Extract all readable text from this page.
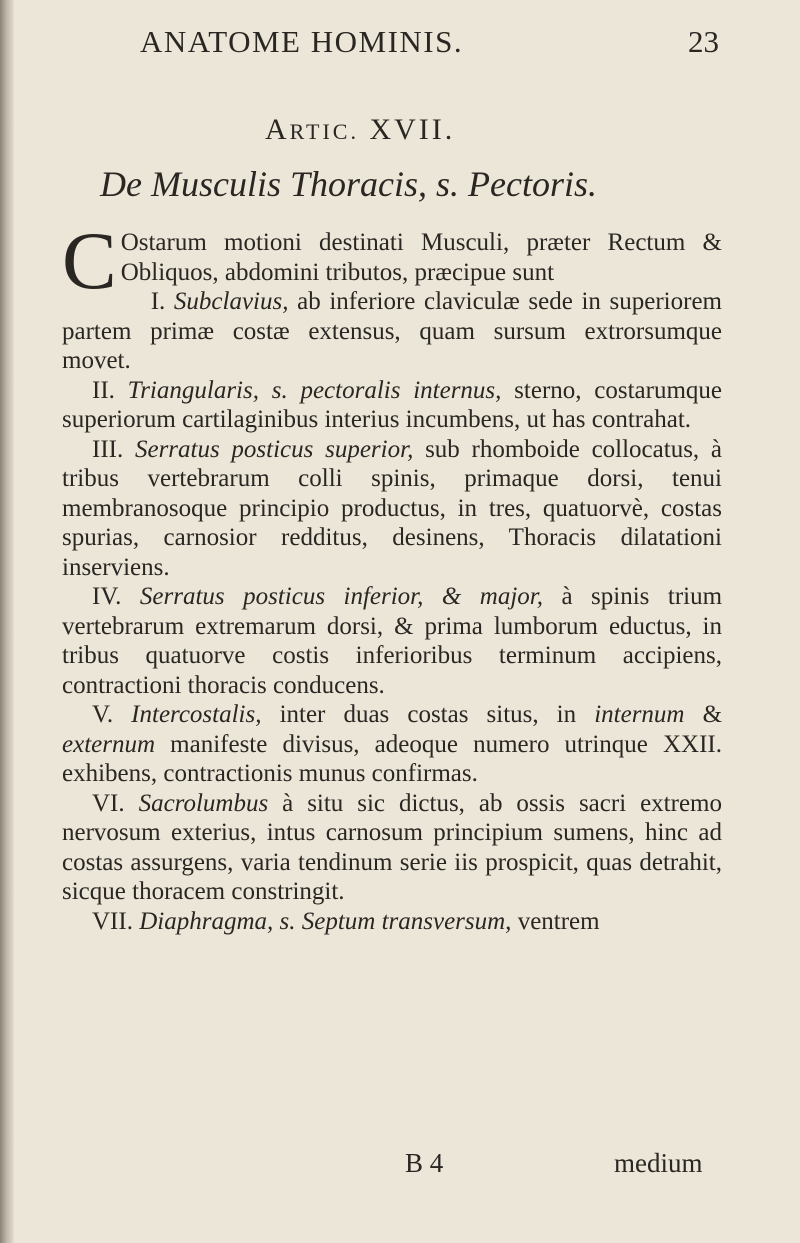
ANATOME HOMINIS.	23
ARTIC. XVII.
De Musculis Thoracis, s. Pectoris.

C Ostarum motioni destinati Musculi, præter Rectum & Obliquos, abdomini tributos, præcipue sunt

I. Subclavius, ab inferiore claviculæ sede in superiorem partem primæ costæ extensus, quam sursum extrorsumque movet.

II. Triangularis, s. pectoralis internus, sterno, costarumque superiorum cartilaginibus interius incumbens, ut has contrahat.

III. Serratus posticus superior, sub rhomboide collocatus, à tribus vertebrarum colli spinis, primaque dorsi, tenui membranosoque principio productus, in tres, quatuorvè, costas spurias, carnosior redditus, desinens, Thoracis dilatationi inserviens.

IV. Serratus posticus inferior, & major, à spinis trium vertebrarum extremarum dorsi, & prima lumborum eductus, in tribus quatuorve costis inferioribus terminum accipiens, contractioni thoracis conducens.

V. Intercostalis, inter duas costas situs, in internum & externum manifeste divisus, adeoque numero utrinque XXII. exhibens, contractionis munus confirmas.

VI. Sacrolumbus à situ sic dictus, ab ossis sacri extremo nervosum exterius, intus carnosum principium sumens, hinc ad costas assurgens, varia tendinum serie iis prospicit, quas detrahit, sicque thoracem constringit.

VII. Diaphragma, s. Septum transversum, ventrem

B 4	medium
